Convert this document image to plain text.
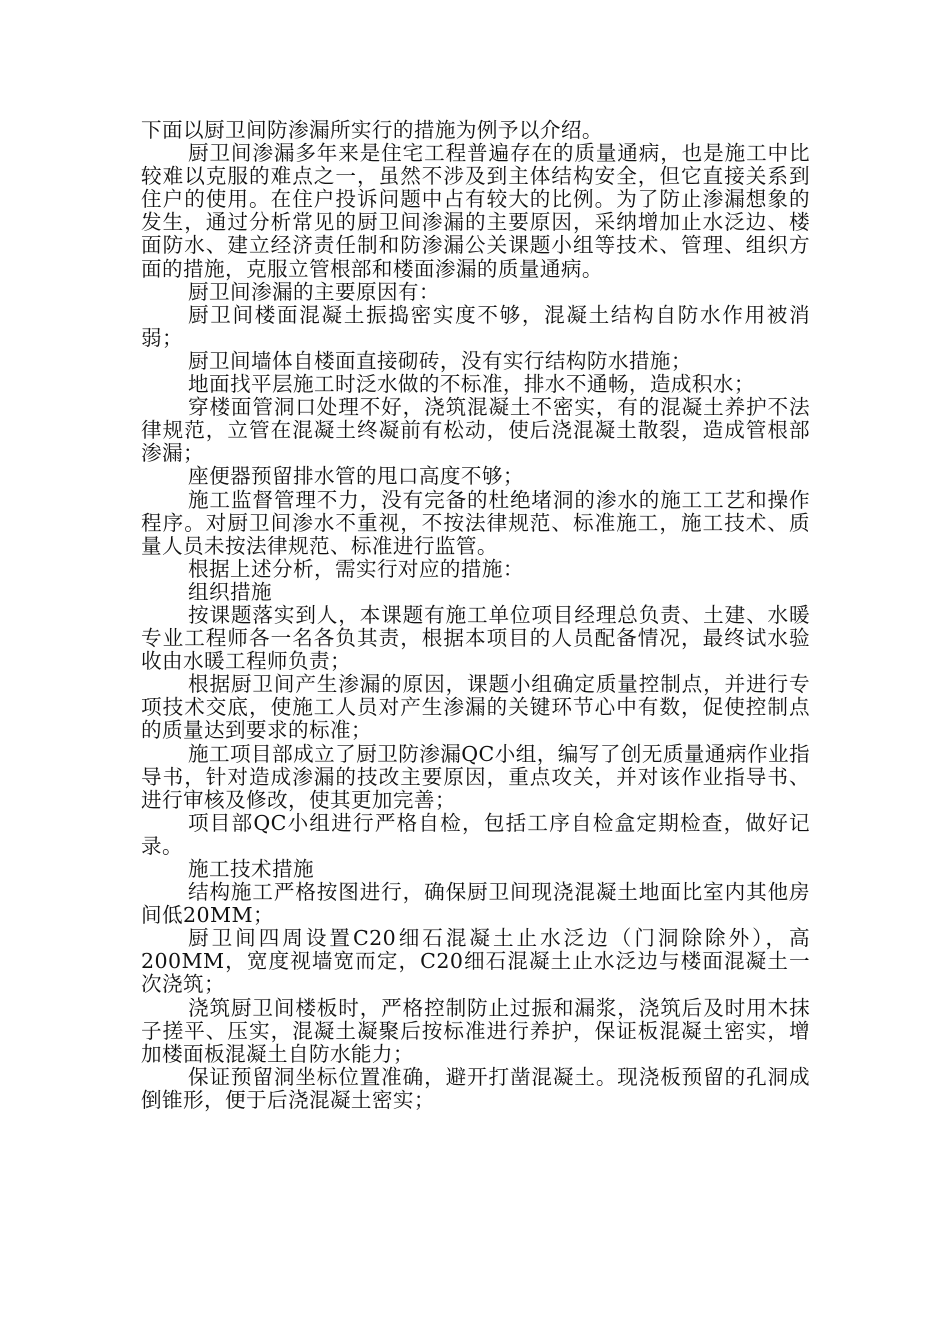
下面以厨卫间防渗漏所实行的措施为例予以介绍。

厨卫间渗漏多年来是住宅工程普遍存在的质量通病，也是施工中比较难以克服的难点之一，虽然不涉及到主体结构安全，但它直接关系到住户的使用。在住户投诉问题中占有较大的比例。为了防止渗漏想象的发生，通过分析常见的厨卫间渗漏的主要原因，采纳增加止水泛边、楼面防水、建立经济责任制和防渗漏公关课题小组等技术、管理、组织方面的措施，克服立管根部和楼面渗漏的质量通病。

厨卫间渗漏的主要原因有：

厨卫间楼面混凝土振捣密实度不够，混凝土结构自防水作用被消弱；

厨卫间墙体自楼面直接砌砖，没有实行结构防水措施；

地面找平层施工时泛水做的不标准，排水不通畅，造成积水；

穿楼面管洞口处理不好，浇筑混凝土不密实，有的混凝土养护不法律规范，立管在混凝土终凝前有松动，使后浇混凝土散裂，造成管根部渗漏；

座便器预留排水管的甩口高度不够；

施工监督管理不力，没有完备的杜绝堵洞的渗水的施工工艺和操作程序。对厨卫间渗水不重视，不按法律规范、标准施工，施工技术、质量人员未按法律规范、标准进行监管。

根据上述分析，需实行对应的措施：

组织措施

按课题落实到人，本课题有施工单位项目经理总负责、土建、水暖专业工程师各一名各负其责，根据本项目的人员配备情况，最终试水验收由水暖工程师负责；

根据厨卫间产生渗漏的原因，课题小组确定质量控制点，并进行专项技术交底，使施工人员对产生渗漏的关键环节心中有数，促使控制点的质量达到要求的标准；

施工项目部成立了厨卫防渗漏QC小组，编写了创无质量通病作业指导书，针对造成渗漏的技改主要原因，重点攻关，并对该作业指导书、进行审核及修改，使其更加完善；

项目部QC小组进行严格自检，包括工序自检盒定期检查，做好记录。

施工技术措施

结构施工严格按图进行，确保厨卫间现浇混凝土地面比室内其他房间低20MM；

厨卫间四周设置C20细石混凝土止水泛边（门洞除除外），高200MM，宽度视墙宽而定，C20细石混凝土止水泛边与楼面混凝土一次浇筑；

浇筑厨卫间楼板时，严格控制防止过振和漏浆，浇筑后及时用木抹子搓平、压实，混凝土凝聚后按标准进行养护，保证板混凝土密实，增加楼面板混凝土自防水能力；

保证预留洞坐标位置准确，避开打凿混凝土。现浇板预留的孔洞成倒锥形，便于后浇混凝土密实；
